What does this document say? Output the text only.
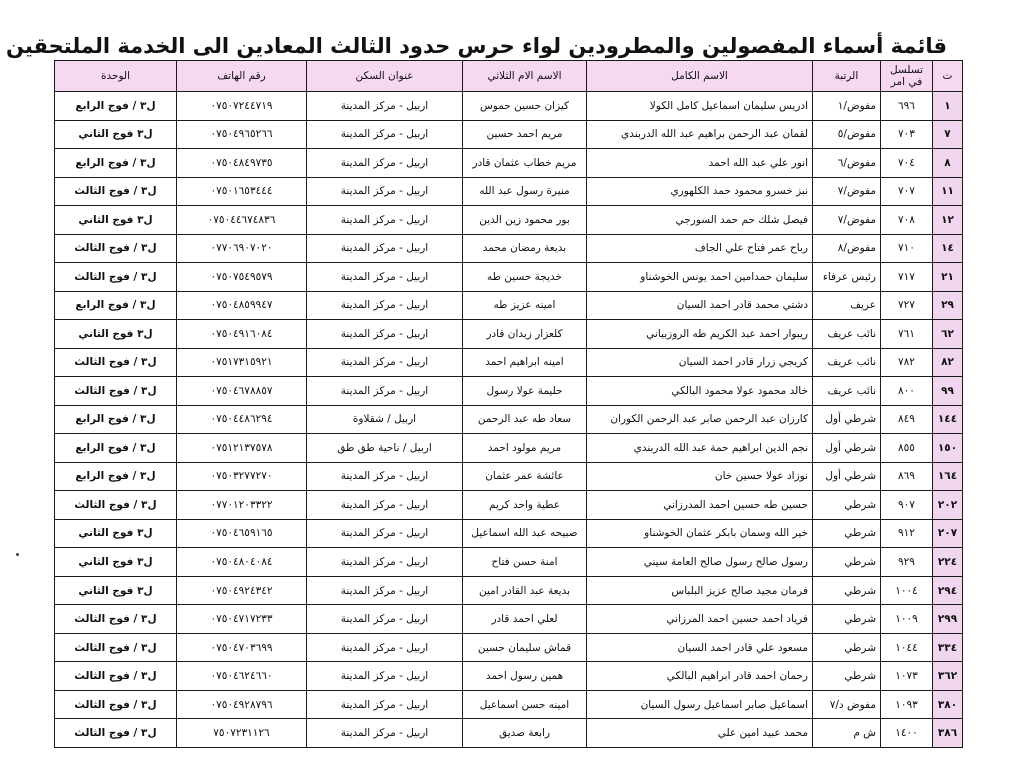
قائمة أسماء المفصولين والمطرودين لواء حرس حدود الثالث المعادين الى الخدمة الملتحقين
ت	تسلسل في امر	الرتبة	الاسم الكامل	الاسم الام الثلاثي	عنوان السكن	رقم الهاتف	الوحدة
١	٦٩٦	مفوض/١	ادريس سليمان اسماعيل كامل الكولا	كيزان حسين حموس	اربيل - مركز المدينة	٠٧٥٠٧٢٤٤٧١٩	ل٣ / فوج الرابع
٧	٧٠٣	مفوض/٥	لقمان عبد الرحمن براهيم عبد الله الدربندي	مريم احمد حسين	اربيل - مركز المدينة	٠٧٥٠٤٩٦٥٢٦٦	ل٣ فوج الثاني
٨	٧٠٤	مفوض/٦	انور علي عبد الله احمد	مريم خطاب عثمان قادر	اربيل - مركز المدينة	٠٧٥٠٤٨٤٩٧٣٥	ل٣ / فوج الرابع
١١	٧٠٧	مفوض/٧	نبز خسرو محمود حمد الكلهوري	منيرة رسول عبد الله	اربيل - مركز المدينة	٠٧٥٠١٦٥٣٤٤٤	ل٣ / فوج الثالث
١٢	٧٠٨	مفوض/٧	فيصل شلك حم حمد السورجي	بور محمود زين الدين	اربيل - مركز المدينة	٠٧٥٠٤٤٦٧٤٨٣٦	ل٣ فوج الثاني
١٤	٧١٠	مفوض/٨	رباح عمر فتاح علي الجاف	بديعة رمضان محمد	اربيل - مركز المدينة	٠٧٧٠٦٩٠٧٠٢٠	ل٣ / فوج الثالث
٢١	٧١٧	رئيس عرفاء	سليمان حمدامين احمد يونس الخوشناو	خديجة حسين طه	اربيل - مركز المدينة	٠٧٥٠٧٥٤٩٥٧٩	ل٣ / فوج الثالث
٢٩	٧٢٧	عريف	دشتي محمد قادر احمد السيان	امينه عزيز طه	اربيل - مركز المدينة	٠٧٥٠٤٨٥٩٩٤٧	ل٣ / فوج الرابع
٦٢	٧٦١	نائب عريف	ريبوار احمد عبد الكريم طه الروزبياني	كلعزار زيدان قادر	اربيل - مركز المدينة	٠٧٥٠٤٩١٦٠٨٤	ل٣ فوج الثاني
٨٢	٧٨٢	نائب عريف	كريجي زرار قادر احمد السيان	امينه ابراهيم احمد	اربيل - مركز المدينة	٠٧٥١٧٣١٥٩٢١	ل٣ / فوج الثالث
٩٩	٨٠٠	نائب عريف	خالد محمود عولا محمود البالكي	حليمة عولا رسول	اربيل - مركز المدينة	٠٧٥٠٤٦٧٨٨٥٧	ل٣ / فوج الثالث
١٤٤	٨٤٩	شرطي أول	كارزان عبد الرحمن صابر عبد الرحمن الكوران	سعاد طه عبد الرحمن	اربيل / شقلاوة	٠٧٥٠٤٤٨٦٢٩٤	ل٣ / فوج الرابع
١٥٠	٨٥٥	شرطي أول	نجم الدين ابراهيم حمة عبد الله الدربندي	مريم مولود احمد	اربيل / ناحية طق طق	٠٧٥١٢١٣٧٥٧٨	ل٣ / فوج الرابع
١٦٤	٨٦٩	شرطي أول	نوزاد عولا حسين خان	عائشة عمر عثمان	اربيل - مركز المدينة	٠٧٥٠٣٢٧٧٢٧٠	ل٣ / فوج الرابع
٢٠٢	٩٠٧	شرطي	حسين طه حسين احمد المدرزاني	عطية واحد كريم	اربيل - مركز المدينة	٠٧٧٠١٢٠٣٣٢٢	ل٣ / فوج الثالث
٢٠٧	٩١٢	شرطي	خير الله وسمان بابكر عثمان الخوشناو	صبيحه عبد الله اسماعيل	اربيل - مركز المدينة	٠٧٥٠٤٦٥٩١٦٥	ل٣ فوج الثاني
٢٢٤	٩٢٩	شرطي	رسول صالح رسول صالح العامة سيني	امنة حسن فتاح	اربيل - مركز المدينة	٠٧٥٠٤٨٠٤٠٨٤	ل٣ فوج الثاني
٢٩٤	١٠٠٤	شرطي	فرمان مجيد صالح عزيز البلباس	بديعة عبد القادر امين	اربيل - مركز المدينة	٠٧٥٠٤٩٢٤٣٤٢	ل٣ فوج الثاني
٢٩٩	١٠٠٩	شرطي	فرياد احمد حسين احمد المرزاني	لعلي احمد قادر	اربيل - مركز المدينة	٠٧٥٠٤٧١٧٢٣٣	ل٣ / فوج الثالث
٣٣٤	١٠٤٤	شرطي	مسعود علي قادر احمد السيان	قماش سليمان حسين	اربيل - مركز المدينة	٠٧٥٠٤٧٠٣٦٩٩	ل٣ / فوج الثالث
٣٦٢	١٠٧٣	شرطي	رحمان احمد قادر ابراهيم البالكي	همين رسول احمد	اربيل - مركز المدينة	٠٧٥٠٤٦٢٤٦٦٠	ل٣ / فوج الثالث
٣٨٠	١٠٩٣	مفوض د/٧	اسماعيل صابر اسماعيل رسول السيان	امينه حسن اسماعيل	اربيل - مركز المدينة	٠٧٥٠٤٩٢٨٧٩٦	ل٣ / فوج الثالث
٣٨٦	١٤٠٠	ش م	محمد عبيد امين علي	رابعة صديق	اربيل - مركز المدينة	٧٥٠٧٢٣١١٢٦	ل٣ / فوج الثالث
